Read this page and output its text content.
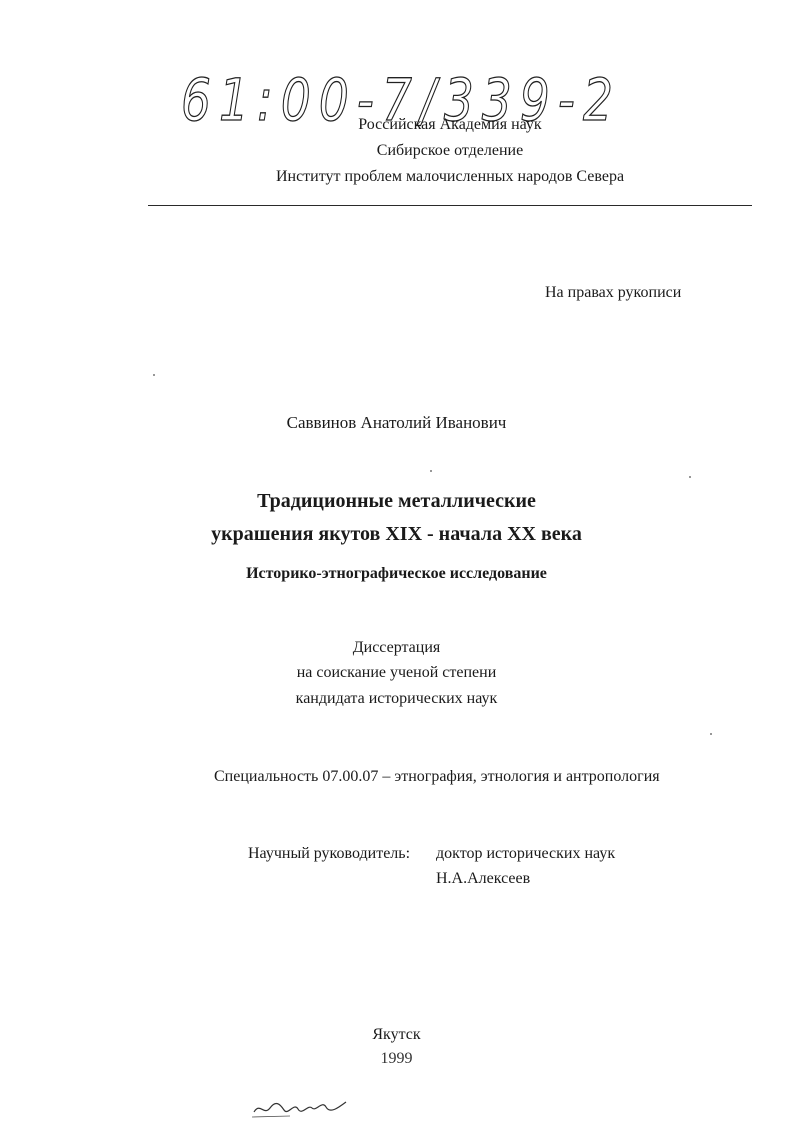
61:00-7/339-2
Российская Академия наук
Сибирское отделение
Институт проблем малочисленных народов Севера
На правах рукописи
Саввинов Анатолий Иванович
Традиционные металлические
украшения якутов XIX - начала XX века
Историко-этнографическое исследование
Диссертация
на соискание ученой степени
кандидата исторических наук
Специальность 07.00.07 – этнография, этнология и антропология
Научный руководитель: доктор исторических наук
Н.А.Алексеев
Якутск
1999
